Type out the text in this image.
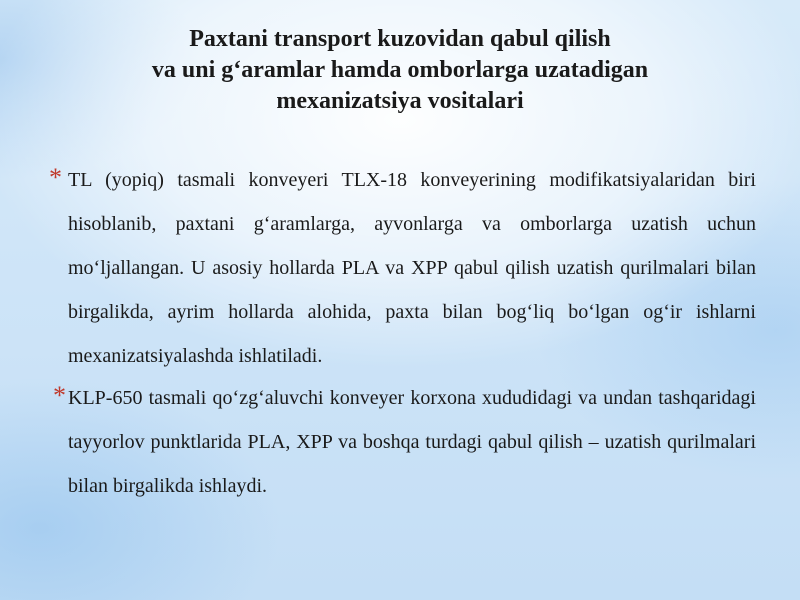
Paxtani transport kuzovidan qabul qilish
va uni g‘aramlar hamda omborlarga uzatadigan
mexanizatsiya vositalari
* TL (yopiq) tasmali konveyeri TLX-18 konveyerining modifikatsiyalaridan biri hisoblanib, paxtani g‘aramlarga, ayvonlarga va omborlarga uzatish uchun mo‘ljallangan. U asosiy hollarda PLA va XPP qabul qilish uzatish qurilmalari bilan birgalikda, ayrim hollarda alohida, paxta bilan bog‘liq bo‘lgan og‘ir ishlarni mexanizatsiyalashda ishlatiladi.
* KLP-650 tasmali qo‘zg‘aluvchi konveyer korxona xududidagi va undan tashqaridagi tayyorlov punktlarida PLA, XPP va boshqa turdagi qabul qilish – uzatish qurilmalari bilan birgalikda ishlaydi.
